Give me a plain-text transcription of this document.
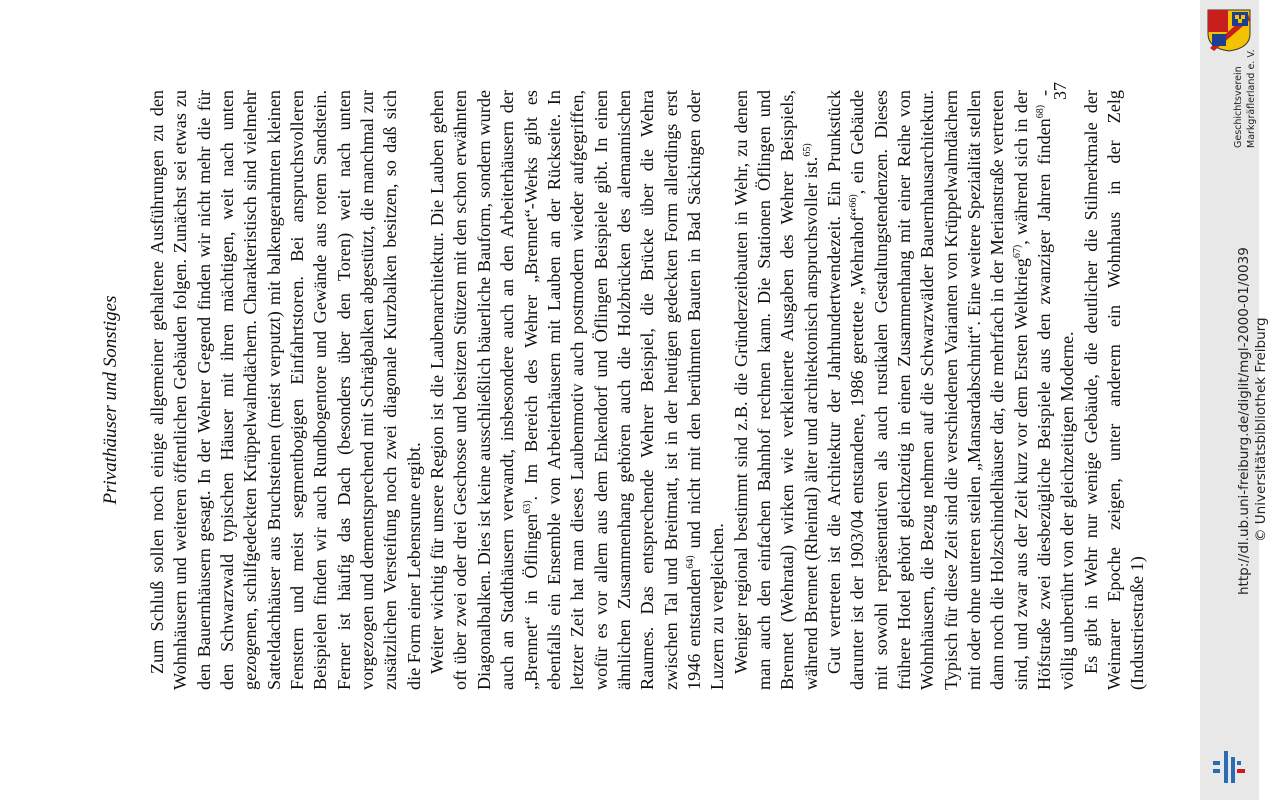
Privathäuser und Sonstiges Zum Schluß sollen noch einige allgemeiner gehaltene Ausführungen zu den Wohnhäusern und weiteren öffentlichen Gebäuden folgen. Zunächst sei etwas zu den Bauernhäusern gesagt. In der Wehrer Gegend finden wir nicht mehr die für den Schwarzwald typischen Häuser mit ihren mächtigen, weit nach unten gezogenen, schilfgedeckten Krüppelwalmdächern. Charakteristisch sind vielmehr Satteldachhäuser aus Bruchsteinen (meist verputzt) mit balkengerahmten kleinen Fenstern und meist segmentbogigen Einfahrtstoren. Bei anspruchsvolleren Beispielen finden wir auch Rundbogentore und Gewände aus rotem Sandstein. Ferner ist häufig das Dach (besonders über den Toren) weit nach unten vorgezogen und dementsprechend mit Schrägbalken abgestützt, die manchmal zur zusätzlichen Versteifung noch zwei diagonale Kurzbalken besitzen, so daß sich die Form einer Lebensrune ergibt. Weiter wichtig für unsere Region ist die Laubenarchitektur. Die Lauben gehen oft über zwei oder drei Geschosse und besitzen Stützen mit den schon erwähnten Diagonalbalken. Dies ist keine ausschließlich bäuerliche Bauform, sondern wurde auch an Stadthäusern verwandt, insbesondere auch an den Arbeiterhäusern der „Brennet“ in Öflingen$^{63)}$. Im Bereich des Wehrer „Brennet“-Werks gibt es ebenfalls ein Ensemble von Arbeiterhäusern mit Lauben an der Rückseite. In letzter Zeit hat man dieses Laubenmotiv auch postmodern wieder aufgegriffen, wofür es vor allem aus dem Enkendorf und Öflingen Beispiele gibt. In einen ähnlichen Zusammenhang gehören auch die Holzbrücken des alemannischen Raumes. Das entsprechende Wehrer Beispiel, die Brücke über die Wehra zwischen Tal und Breitmatt, ist in der heutigen gedeckten Form allerdings erst 1946 entstanden$^{64)}$ und nicht mit den berühmten Bauten in Bad Säckingen oder Luzern zu vergleichen. Weniger regional bestimmt sind z.B. die Gründerzeitbauten in Wehr, zu denen man auch den einfachen Bahnhof rechnen kann. Die Stationen Öflingen und Brennet (Wehratal) wirken wie verkleinerte Ausgaben des Wehrer Beispiels, während Brennet (Rheintal) älter und architektonisch anspruchsvoller ist.$^{65)}$ Gut vertreten ist die Architektur der Jahrhundertwendezeit. Ein Prunkstück darunter ist der 1903/04 entstandene, 1986 gerettete „Wehrahof“$^{66)}$, ein Gebäude mit sowohl repräsentativen als auch rustikalen Gestaltungstendenzen. Dieses frühere Hotel gehört gleichzeitig in einen Zusammenhang mit einer Reihe von Wohnhäusern, die Bezug nehmen auf die Schwarzwälder Bauernhausarchitektur. Typisch für diese Zeit sind die verschiedenen Varianten von Krüppelwalmdächern mit oder ohne unteren steilen „Mansardabschnitt“. Eine weitere Spezialität stellen dann noch die Holzschindelhäuser dar, die mehrfach in der Merianstraße vertreten sind, und zwar aus der Zeit kurz vor dem Ersten Weltkrieg$^{67)}$, während sich in der Höfstraße zwei diesbezügliche Beispiele aus den zwanziger Jahren finden$^{68)}$ - völlig unberührt von der gleichzeitigen Moderne. Es gibt in Wehr nur wenige Gebäude, die deutlicher die Stilmerkmale der Weimarer Epoche zeigen, unter anderem ein Wohnhaus in der Zelg (Industriestraße 1)

37	Geschichtsverein Markgräflerland e. V.
http://dl.ub.uni-freiburg.de/diglit/mgl-2000-01/0039 © Universitätsbibliothek Freiburg
